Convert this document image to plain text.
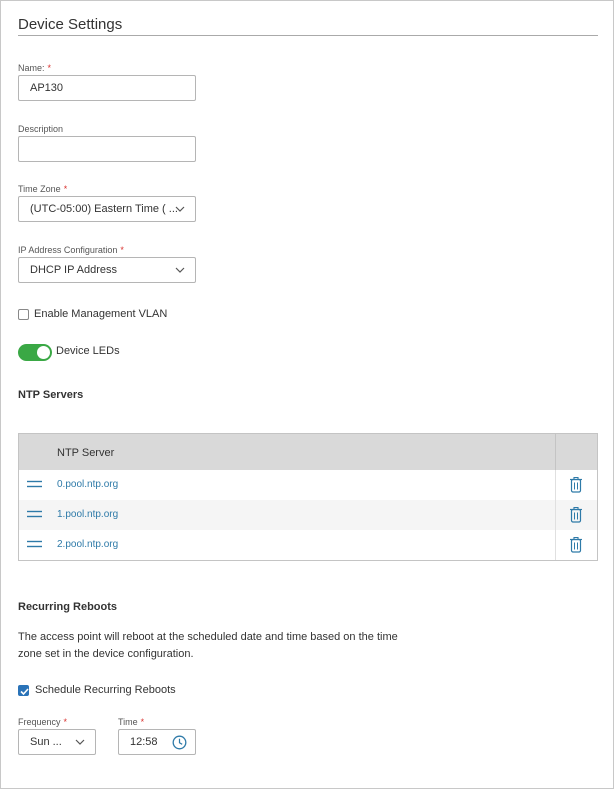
Device Settings
Name: *
AP130
Description
Time Zone *
(UTC-05:00) Eastern Time ( ...
IP Address Configuration *
DHCP IP Address
Enable Management VLAN
Device LEDs
NTP Servers
NTP Server
0.pool.ntp.org
1.pool.ntp.org
2.pool.ntp.org
Recurring Reboots
The access point will reboot at the scheduled date and time based on the time zone set in the device configuration.
Schedule Recurring Reboots
Frequency *
Sun ...
Time *
12:58
